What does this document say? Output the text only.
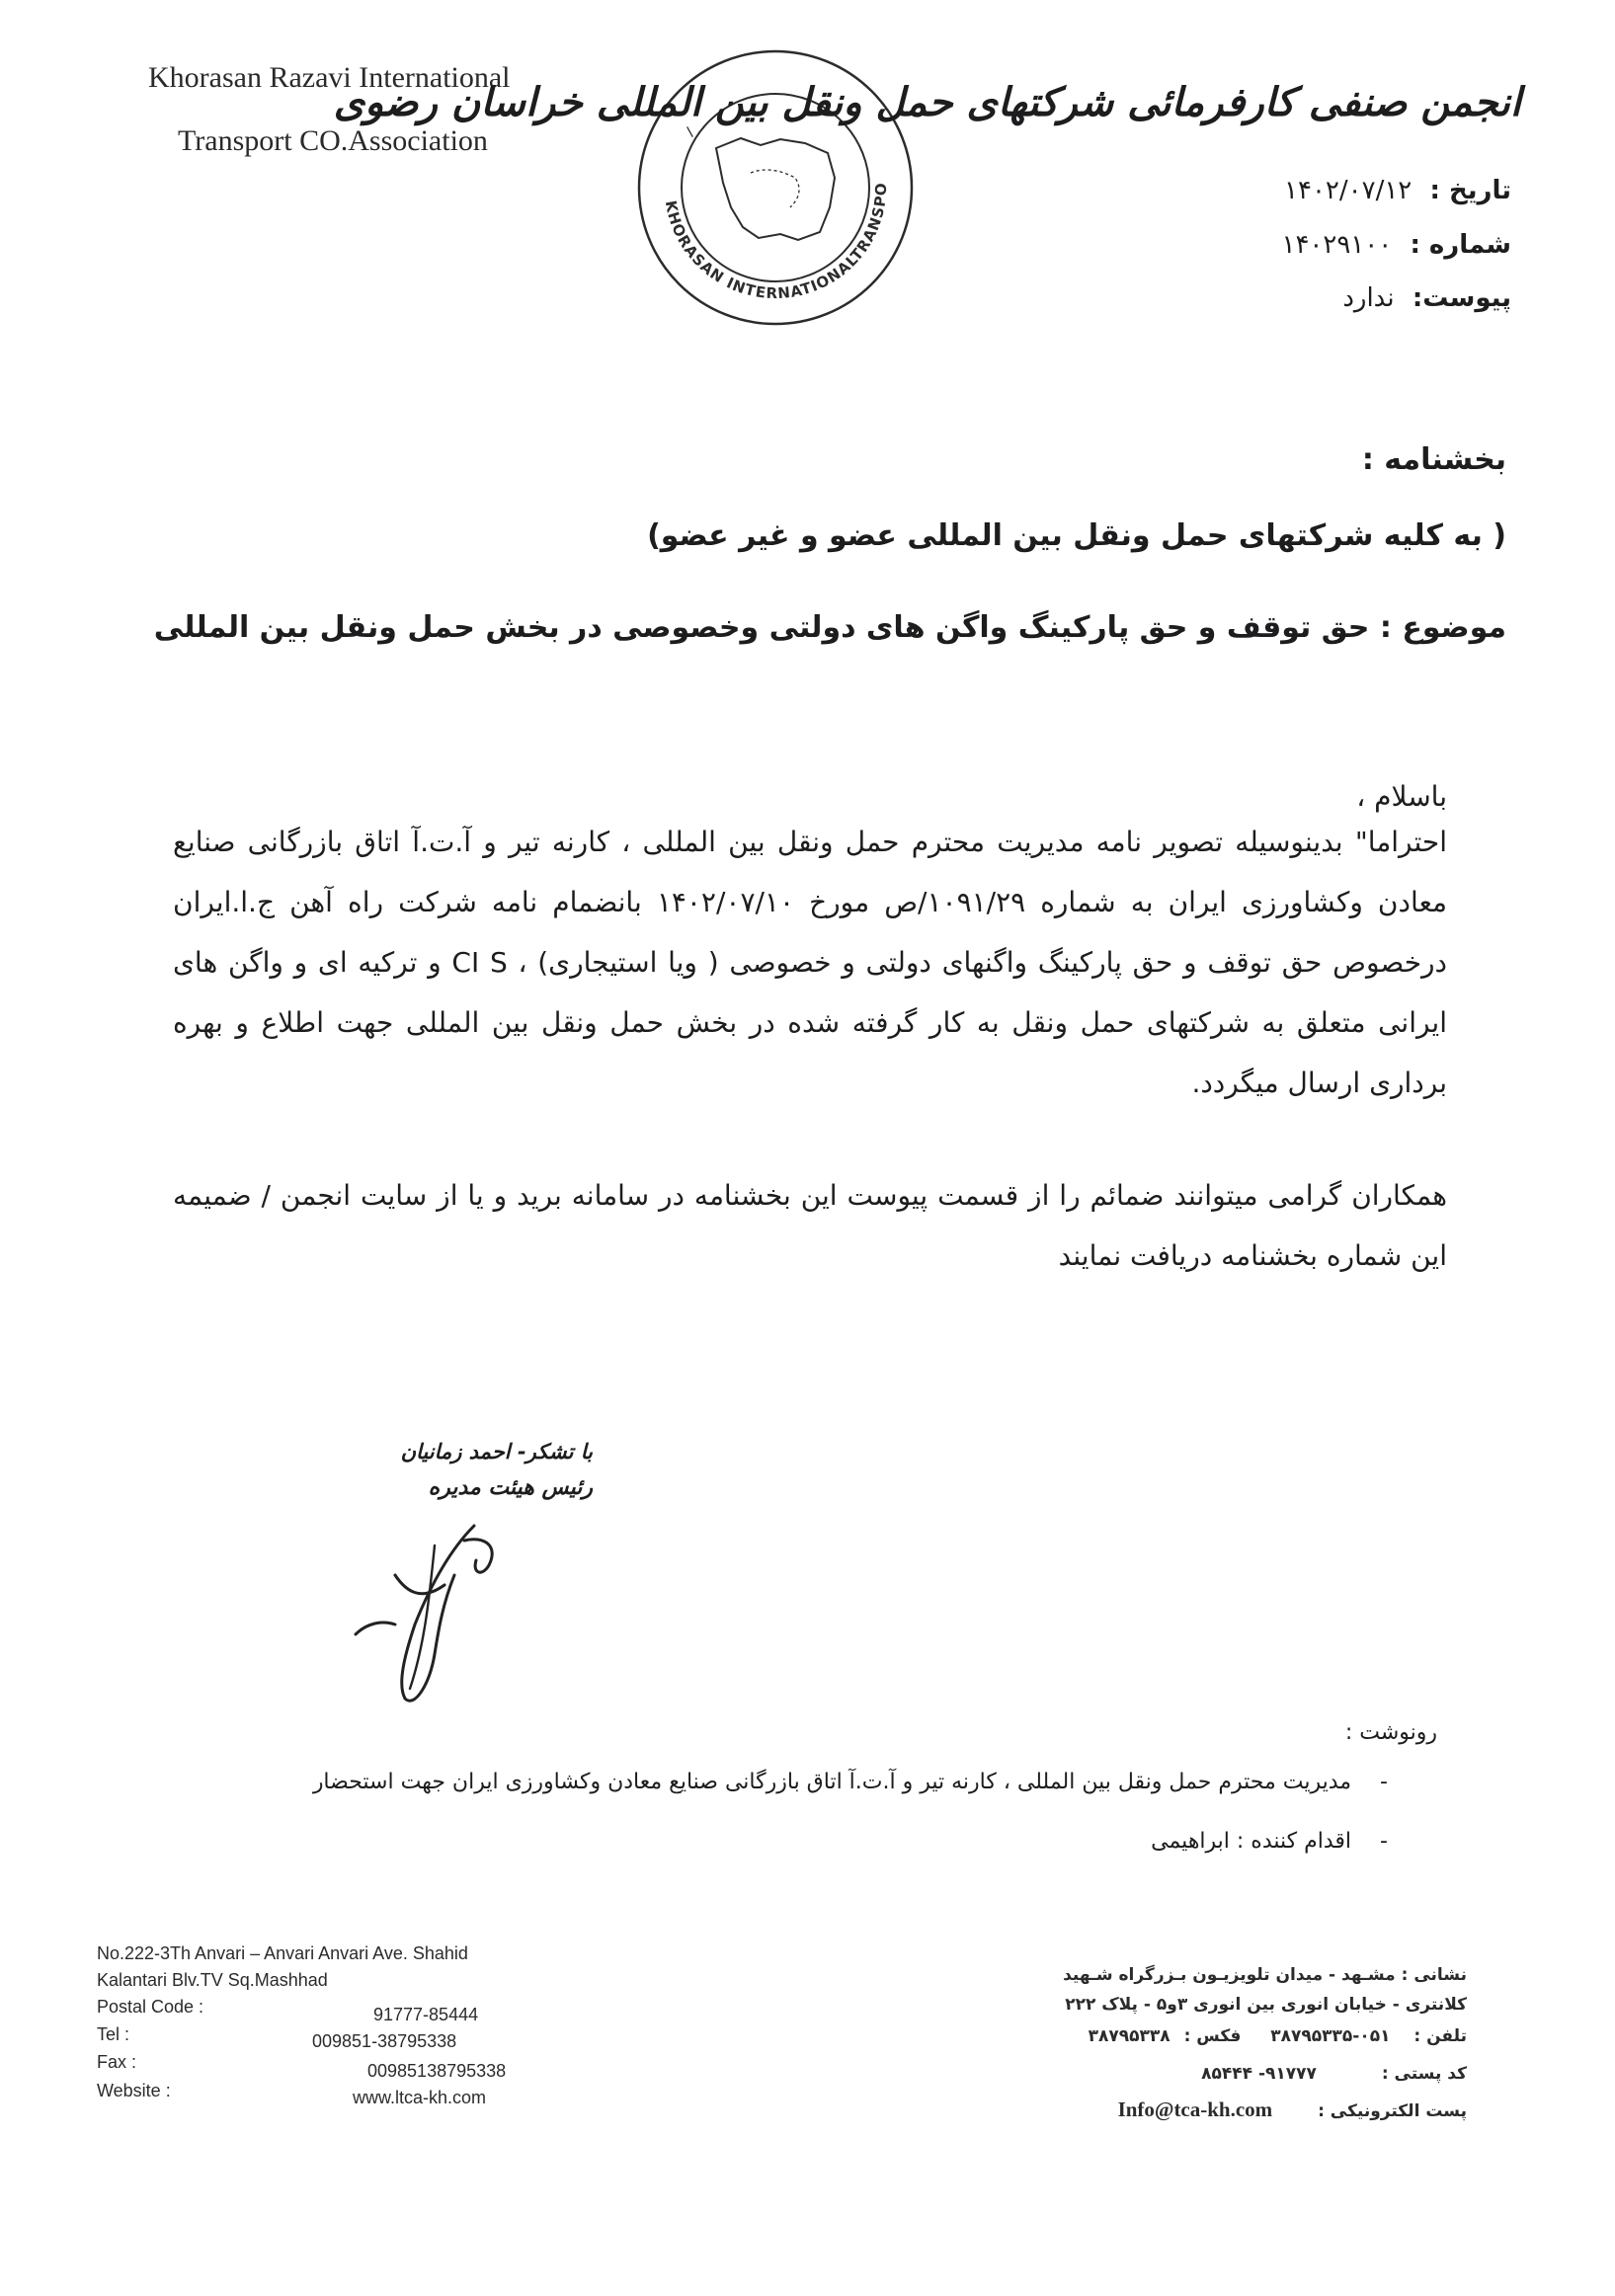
Khorasan Razavi International
Transport CO.Association
KHORASAN INTERNATIONALTRANSPO
ا
انجمن صنفی کارفرمائی شرکتهای حمل ونقل بین المللی خراسان رضوی
تاریخ : ۱۴۰۲/۰۷/۱۲
شماره : ۱۴۰۲۹۱۰۰
پیوست: ندارد
بخشنامه :
( به کلیه شرکتهای حمل ونقل بین المللی عضو و غیر عضو)
موضوع : حق توقف و حق پارکینگ واگن های دولتی وخصوصی در بخش حمل ونقل بین المللی
باسلام ،
احتراما" بدینوسیله تصویر نامه مدیریت محترم حمل ونقل بین المللی ، کارنه تیر و آ.ت.آ اتاق بازرگانی صنایع معادن وکشاورزی ایران به شماره ۱۰۹۱/۲۹/ص مورخ ۱۴۰۲/۰۷/۱۰ بانضمام نامه شرکت راه آهن ج.ا.ایران درخصوص حق توقف و حق پارکینگ واگنهای دولتی و خصوصی ( ویا استیجاری) ، CI S و ترکیه ای و واگن های ایرانی متعلق به شرکتهای حمل ونقل به کار گرفته شده در بخش حمل ونقل بین المللی جهت اطلاع و بهره برداری ارسال میگردد.
همکاران گرامی میتوانند ضمائم را از قسمت پیوست این بخشنامه در سامانه برید و یا از سایت انجمن / ضمیمه این شماره بخشنامه دریافت نمایند
با تشکر- احمد زمانیان
رئیس هیئت مدیره
رونوشت :
- مدیریت محترم حمل ونقل بین المللی ، کارنه تیر و آ.ت.آ اتاق بازرگانی صنایع معادن وکشاورزی ایران جهت استحضار
- اقدام کننده : ابراهیمی
No.222-3Th Anvari – Anvari Anvari Ave. Shahid
Kalantari Blv.TV Sq.Mashhad
Postal Code :	91777-85444
Tel :	009851-38795338
Fax :	00985138795338
Website :	www.ltca-kh.com
نشانی : مشـهد - میدان تلویزیـون بـزرگراه شـهید
کلانتری - خیابان انوری بین انوری ۳و۵ - پلاک ۲۲۲
تلفن : ۰۵۱-۳۸۷۹۵۳۳۵ فکس : ۳۸۷۹۵۳۳۸
کد پستی : ۹۱۷۷۷- ۸۵۴۴۴
پست الکترونیکی : Info@tca-kh.com
